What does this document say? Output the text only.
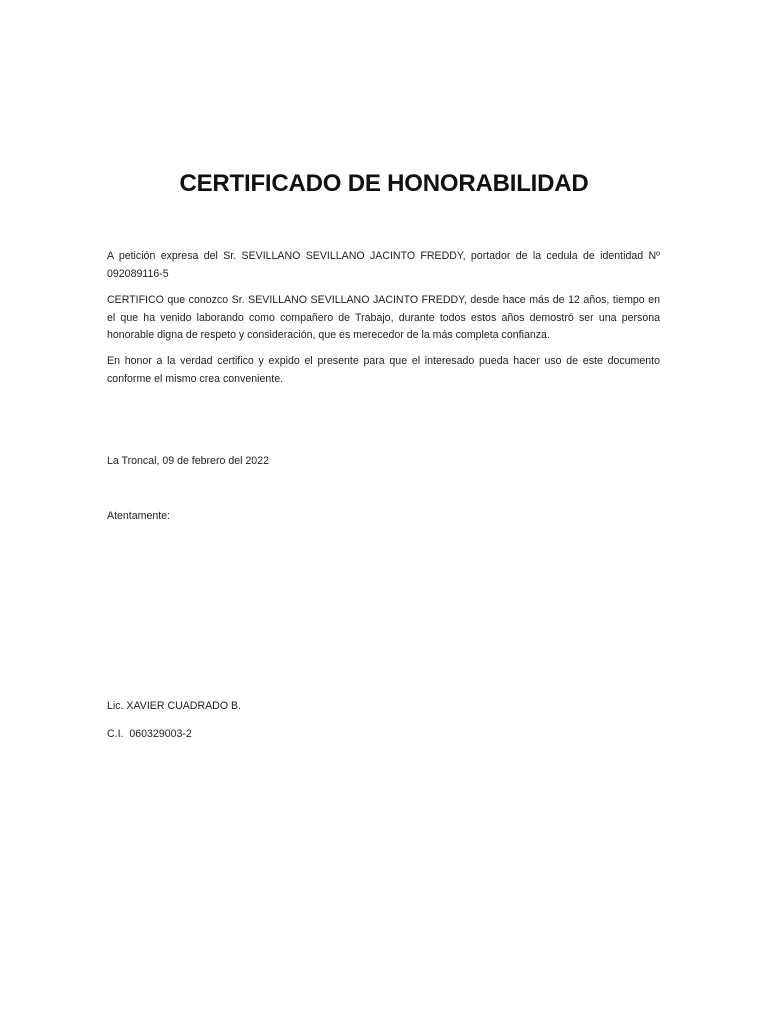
CERTIFICADO DE HONORABILIDAD

A petición expresa del Sr. SEVILLANO SEVILLANO JACINTO FREDDY, portador de la cedula de identidad Nº 092089116-5

CERTIFICO que conozco Sr. SEVILLANO SEVILLANO JACINTO FREDDY, desde hace más de 12 años, tiempo en el que ha venido laborando como compañero de Trabajo, durante todos estos años demostró ser una persona honorable digna de respeto y consideración, que es merecedor de la más completa confianza.

En honor a la verdad certifico y expido el presente para que el interesado pueda hacer uso de este documento conforme el mismo crea conveniente.

La Troncal, 09 de febrero del 2022

Atentamente:

Lic. XAVIER CUADRADO B.

C.I.  060329003-2
